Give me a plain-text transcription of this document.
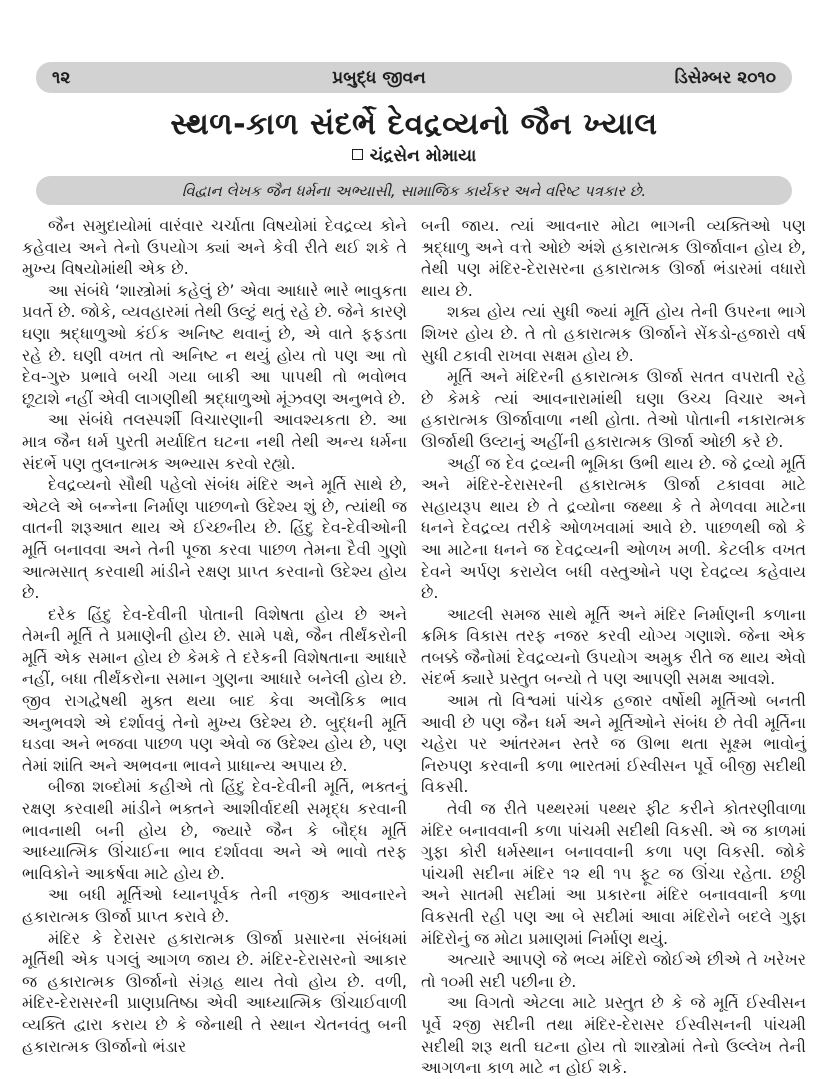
૧૨	પ્રબુદ્ધ જીવન	ડિસેમ્બર ૨૦૧૦
સ્થળ-કાળ સંદર્ભે દેવદ્રવ્યનો જૈન ખ્યાલ
ચંદ્રસેન મોમાયા
વિદ્વાન લેખક જૈન ધર્મના અભ્યાસી, સામાજિક કાર્યકર અને વરિષ્ટ પત્રકાર છે.

જૈન સમુદાયોમાં વારંવાર ચર્ચાતા વિષયોમાં દેવદ્રવ્ય કોને કહેવાય અને તેનો ઉપયોગ ક્યાં અને કેવી રીતે થઈ શકે તે મુખ્ય વિષયોમાંથી એક છે.

આ સંબંધે ‘શાસ્ત્રોમાં કહેલું છે’ એવા આધારે ભારે ભાવુકતા પ્રવર્તે છે. જોકે, વ્યવહારમાં તેથી ઉલ્ટું થતું રહે છે. જેને કારણે ઘણા શ્રદ્ધાળુઓ કંઈક અનિષ્ટ થવાનું છે, એ વાતે ફફડતા રહે છે. ઘણી વખત તો અનિષ્ટ ન થયું હોય તો પણ આ તો દેવ-ગુરુ પ્રભાવે બચી ગયા બાકી આ પાપથી તો ભવોભવ છૂટાશે નહીં એવી લાગણીથી શ્રદ્ધાળુઓ મૂંઝવણ અનુભવે છે.

આ સંબંધે તલસ્પર્શી વિચારણાની આવશ્યકતા છે. આ માત્ર જૈન ધર્મ પુરતી મર્યાદિત ઘટના નથી તેથી અન્ય ધર્મના સંદર્ભે પણ તુલનાત્મક અભ્યાસ કરવો રહ્યો.

દેવદ્રવ્યનો સૌથી પહેલો સંબંધ મંદિર અને મૂર્તિ સાથે છે, એટલે એ બન્નેના નિર્માણ પાછળનો ઉદેશ્ય શું છે, ત્યાંથી જ વાતની શરૂઆત થાય એ ઈચ્છનીય છે. હિંદુ દેવ-દેવીઓની મૂર્તિ બનાવવા અને તેની પૂજા કરવા પાછળ તેમના દૈવી ગુણો આત્મસાત્ કરવાથી માંડીને રક્ષણ પ્રાપ્ત કરવાનો ઉદેશ્ય હોય છે.

દરેક હિંદુ દેવ-દેવીની પોતાની વિશેષતા હોય છે અને તેમની મૂર્તિ તે પ્રમાણેની હોય છે. સામે પક્ષે, જૈન તીર્થંકરોની મૂર્તિ એક સમાન હોય છે કેમકે તે દરેકની વિશેષતાના આધારે નહીં, બધા તીર્થંકરોના સમાન ગુણના આધારે બનેલી હોય છે. જીવ રાગદ્વેષથી મુક્ત થયા બાદ કેવા અલૌકિક ભાવ અનુભવશે એ દર્શાવવું તેનો મુખ્ય ઉદેશ્ય છે. બુદ્ધની મૂર્તિ ઘડવા અને ભજવા પાછળ પણ એવો જ ઉદેશ્ય હોય છે, પણ તેમાં શાંતિ અને અભવના ભાવને પ્રાધાન્ય અપાય છે.

બીજા શબ્દોમાં કહીએ તો હિંદુ દેવ-દેવીની મૂર્તિ, ભક્તનું રક્ષણ કરવાથી માંડીને ભક્તને આશીર્વાદથી સમૃદ્ધ કરવાની ભાવનાથી બની હોય છે, જ્યારે જૈન કે બૌદ્ધ મૂર્તિ આધ્યાત્મિક ઊંચાઈના ભાવ દર્શાવવા અને એ ભાવો તરફ ભાવિકોને આકર્ષવા માટે હોય છે.

આ બધી મૂર્તિઓ ધ્યાનપૂર્વક તેની નજીક આવનારને હકારાત્મક ઊર્જા પ્રાપ્ત કરાવે છે.

મંદિર કે દેરાસર હકારાત્મક ઊર્જા પ્રસારના સંબંધમાં મૂર્તિથી એક પગલું આગળ જાય છે. મંદિર-દેરાસરનો આકાર જ હકારાત્મક ઊર્જાનો સંગ્રહ થાય તેવો હોય છે. વળી, મંદિર-દેરાસરની પ્રાણપ્રતિષ્ઠા એવી આધ્યાત્મિક ઊંચાઈવાળી વ્યક્તિ દ્વારા કરાય છે કે જેનાથી તે સ્થાન ચેતનવંતુ બની હકારાત્મક ઊર્જાનો ભંડાર

બની જાય. ત્યાં આવનાર મોટા ભાગની વ્યક્તિઓ પણ શ્રદ્ધાળુ અને વત્તે ઓછે અંશે હકારાત્મક ઊર્જાવાન હોય છે, તેથી પણ મંદિર-દેરાસરના હકારાત્મક ઊર્જા ભંડારમાં વધારો થાય છે.

શક્ય હોય ત્યાં સુધી જ્યાં મૂર્તિ હોય તેની ઉપરના ભાગે શિખર હોય છે. તે તો હકારાત્મક ઊર્જાને સેંકડો-હજારો વર્ષ સુધી ટકાવી રાખવા સક્ષમ હોય છે.

મૂર્તિ અને મંદિરની હકારાત્મક ઊર્જા સતત વપરાતી રહે છે કેમકે ત્યાં આવનારામાંથી ઘણા ઉચ્ચ વિચાર અને હકારાત્મક ઊર્જાવાળા નથી હોતા. તેઓ પોતાની નકારાત્મક ઊર્જાથી ઉલ્ટાનું અહીંની હકારાત્મક ઊર્જા ઓછી કરે છે.

અહીં જ દેવ દ્રવ્યની ભૂમિકા ઉભી થાય છે. જે દ્રવ્યો મૂર્તિ અને મંદિર-દેરાસરની હકારાત્મક ઊર્જા ટકાવવા માટે સહાયરૂપ થાય છે તે દ્રવ્યોના જથ્થા કે તે મેળવવા માટેના ધનને દેવદ્રવ્ય તરીકે ઓળખવામાં આવે છે. પાછળથી જો કે આ માટેના ધનને જ દેવદ્રવ્યની ઓળખ મળી. કેટલીક વખત દેવને અર્પણ કરાયેલ બધી વસ્તુઓને પણ દેવદ્રવ્ય કહેવાય છે.

આટલી સમજ સાથે મૂર્તિ અને મંદિર નિર્માણની કળાના ક્રમિક વિકાસ તરફ નજર કરવી યોગ્ય ગણાશે. જેના એક તબક્કે જૈનોમાં દેવદ્રવ્યનો ઉપયોગ અમુક રીતે જ થાય એવો સંદર્ભ ક્યારે પ્રસ્તુત બન્યો તે પણ આપણી સમક્ષ આવશે.

આમ તો વિશ્વમાં પાંચેક હજાર વર્ષોથી મૂર્તિઓ બનતી આવી છે પણ જૈન ધર્મ અને મૂર્તિઓને સંબંધ છે તેવી મૂર્તિના ચહેરા પર આંતરમન સ્તરે જ ઊભા થતા સૂક્ષ્મ ભાવોનું નિરુપણ કરવાની કળા ભારતમાં ઈસ્વીસન પૂર્વે બીજી સદીથી વિકસી.

તેવી જ રીતે પથ્થરમાં પથ્થર ફીટ કરીને કોતરણીવાળા મંદિર બનાવવાની કળા પાંચમી સદીથી વિકસી. એ જ કાળમાં ગુફા કોરી ધર્મસ્થાન બનાવવાની કળા પણ વિકસી. જોકે પાંચમી સદીના મંદિર ૧૨ થી ૧૫ ફૂટ જ ઊંચા રહેતા. છઠ્ઠી અને સાતમી સદીમાં આ પ્રકારના મંદિર બનાવવાની કળા વિકસતી રહી પણ આ બે સદીમાં આવા મંદિરોને બદલે ગુફા મંદિરોનું જ મોટા પ્રમાણમાં નિર્માણ થયું.

અત્યારે આપણે જે ભવ્ય મંદિરો જોઈએ છીએ તે ખરેખર તો ૧૦મી સદી પછીના છે.

આ વિગતો એટલા માટે પ્રસ્તુત છે કે જે મૂર્તિ ઈસ્વીસન પૂર્વે ૨જી સદીની તથા મંદિર-દેરાસર ઈસ્વીસનની પાંચમી સદીથી શરૂ થતી ઘટના હોય તો શાસ્ત્રોમાં તેનો ઉલ્લેખ તેની આગળના કાળ માટે ન હોઈ શકે.
